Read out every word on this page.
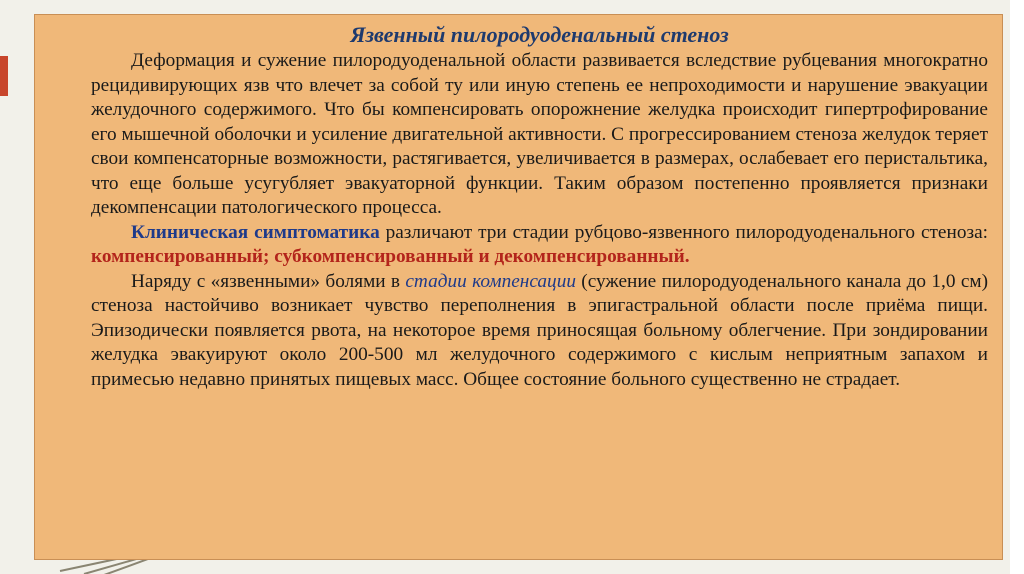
Язвенный пилородуоденальный стеноз

Деформация и сужение пилородуоденальной области развивается вследствие рубцевания многократно рецидивирующих язв что влечет за собой ту или иную степень ее непроходимости и нарушение эвакуации желудочного содержимого. Что бы компенсировать опорожнение желудка происходит гипертрофирование его мышечной оболочки и усиление двигательной активности. С прогрессированием стеноза желудок теряет свои компенсаторные возможности, растягивается, увеличивается в размерах, ослабевает его перистальтика, что еще больше усугубляет эвакуаторной функции. Таким образом постепенно проявляется признаки декомпенсации патологического процесса.

Клиническая симптоматика различают три стадии рубцово-язвенного пилородуоденального стеноза: компенсированный; субкомпенсированный и декомпенсированный.

Наряду с «язвенными» болями в стадии компенсации (сужение пилородуоденального канала до 1,0 см) стеноза настойчиво возникает чувство переполнения в эпигастральной области после приёма пищи. Эпизодически появляется рвота, на некоторое время приносящая больному облегчение. При зондировании желудка эвакуируют около 200-500 мл желудочного содержимого с кислым неприятным запахом и примесью недавно принятых пищевых масс. Общее состояние больного существенно не страдает.
